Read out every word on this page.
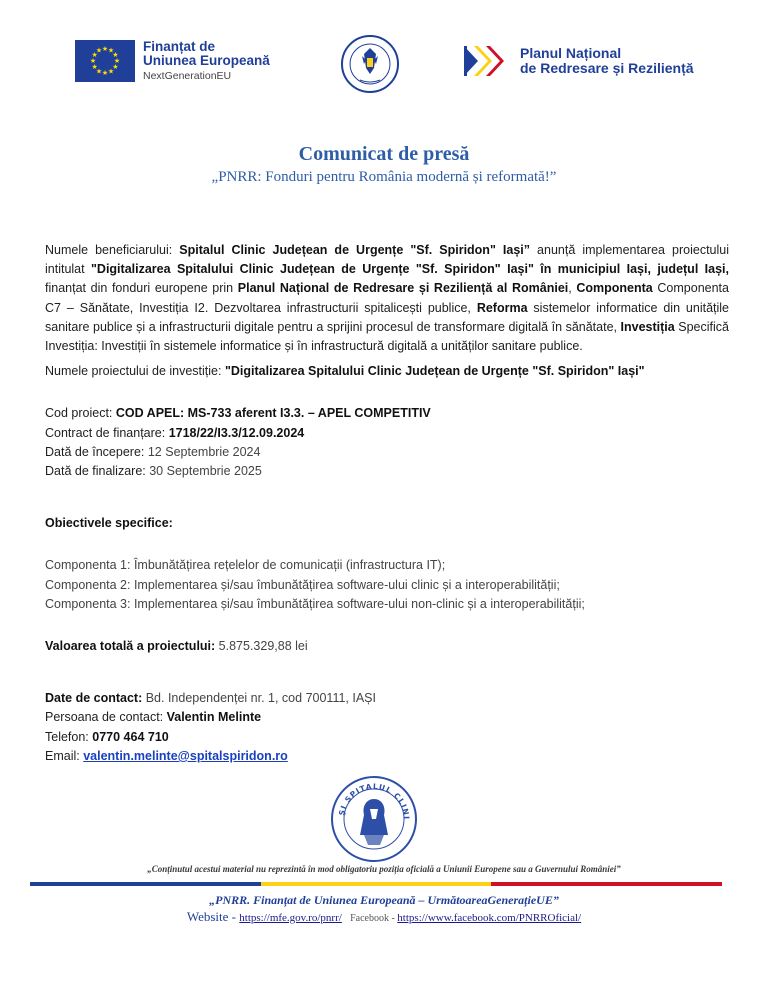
★ ★
★
★
★
★
★
★
★
★
★
★	Finanțat de
Uniunea Europeană
NextGenerationEU
Planul Național
de Redresare și Reziliență
Comunicat de presă
„PNRR: Fonduri pentru România modernă și reformată!”

Numele beneficiarului: Spitalul Clinic Județean de Urgențe "Sf. Spiridon" Iași” anunță implementarea proiectului intitulat "Digitalizarea Spitalului Clinic Județean de Urgențe "Sf. Spiridon" Iași" în municipiul Iași, județul Iași, finanțat din fonduri europene prin Planul Național de Redresare și Reziliență al României, Componenta Componenta C7 – Sănătate, Investiția I2. Dezvoltarea infrastructurii spitalicești publice, Reforma sistemelor informatice din unitățile sanitare publice și a infrastructurii digitale pentru a sprijini procesul de transformare digitală în sănătate, Investiția Specifică Investiția: Investiții în sistemele informatice și în infrastructură digitală a unităților sanitare publice.

Numele proiectului de investiție: "Digitalizarea Spitalului Clinic Județean de Urgențe "Sf. Spiridon" Iași"

Cod proiect: COD APEL: MS-733 aferent I3.3. – APEL COMPETITIV

Contract de finanțare: 1718/22/I3.3/12.09.2024

Dată de începere: 12 Septembrie 2024

Dată de finalizare: 30 Septembrie 2025

Obiectivele specifice:

Componenta 1: Îmbunătățirea rețelelor de comunicații (infrastructura IT);

Componenta 2: Implementarea și/sau îmbunătățirea software-ului clinic și a interoperabilității;

Componenta 3: Implementarea și/sau îmbunătățirea software-ului non-clinic și a interoperabilității;

Valoarea totală a proiectului: 5.875.329,88 lei

Date de contact: Bd. Independenței nr. 1, cod 700111, IAȘI

Persoana de contact: Valentin Melinte

Telefon: 0770 464 710

Email: valentin.melinte@spitalspiridon.ro

ȘI SPITALUL CLINI
„Conținutul acestui material nu reprezintă în mod obligatoriu poziția oficială a Uniunii Europene sau a Guvernului României”
„PNRR. Finanțat de Uniunea Europeană – UrmătoareaGenerațieUE”
Website - https://mfe.gov.ro/pnrr/ Facebook - https://www.facebook.com/PNRROficial/
